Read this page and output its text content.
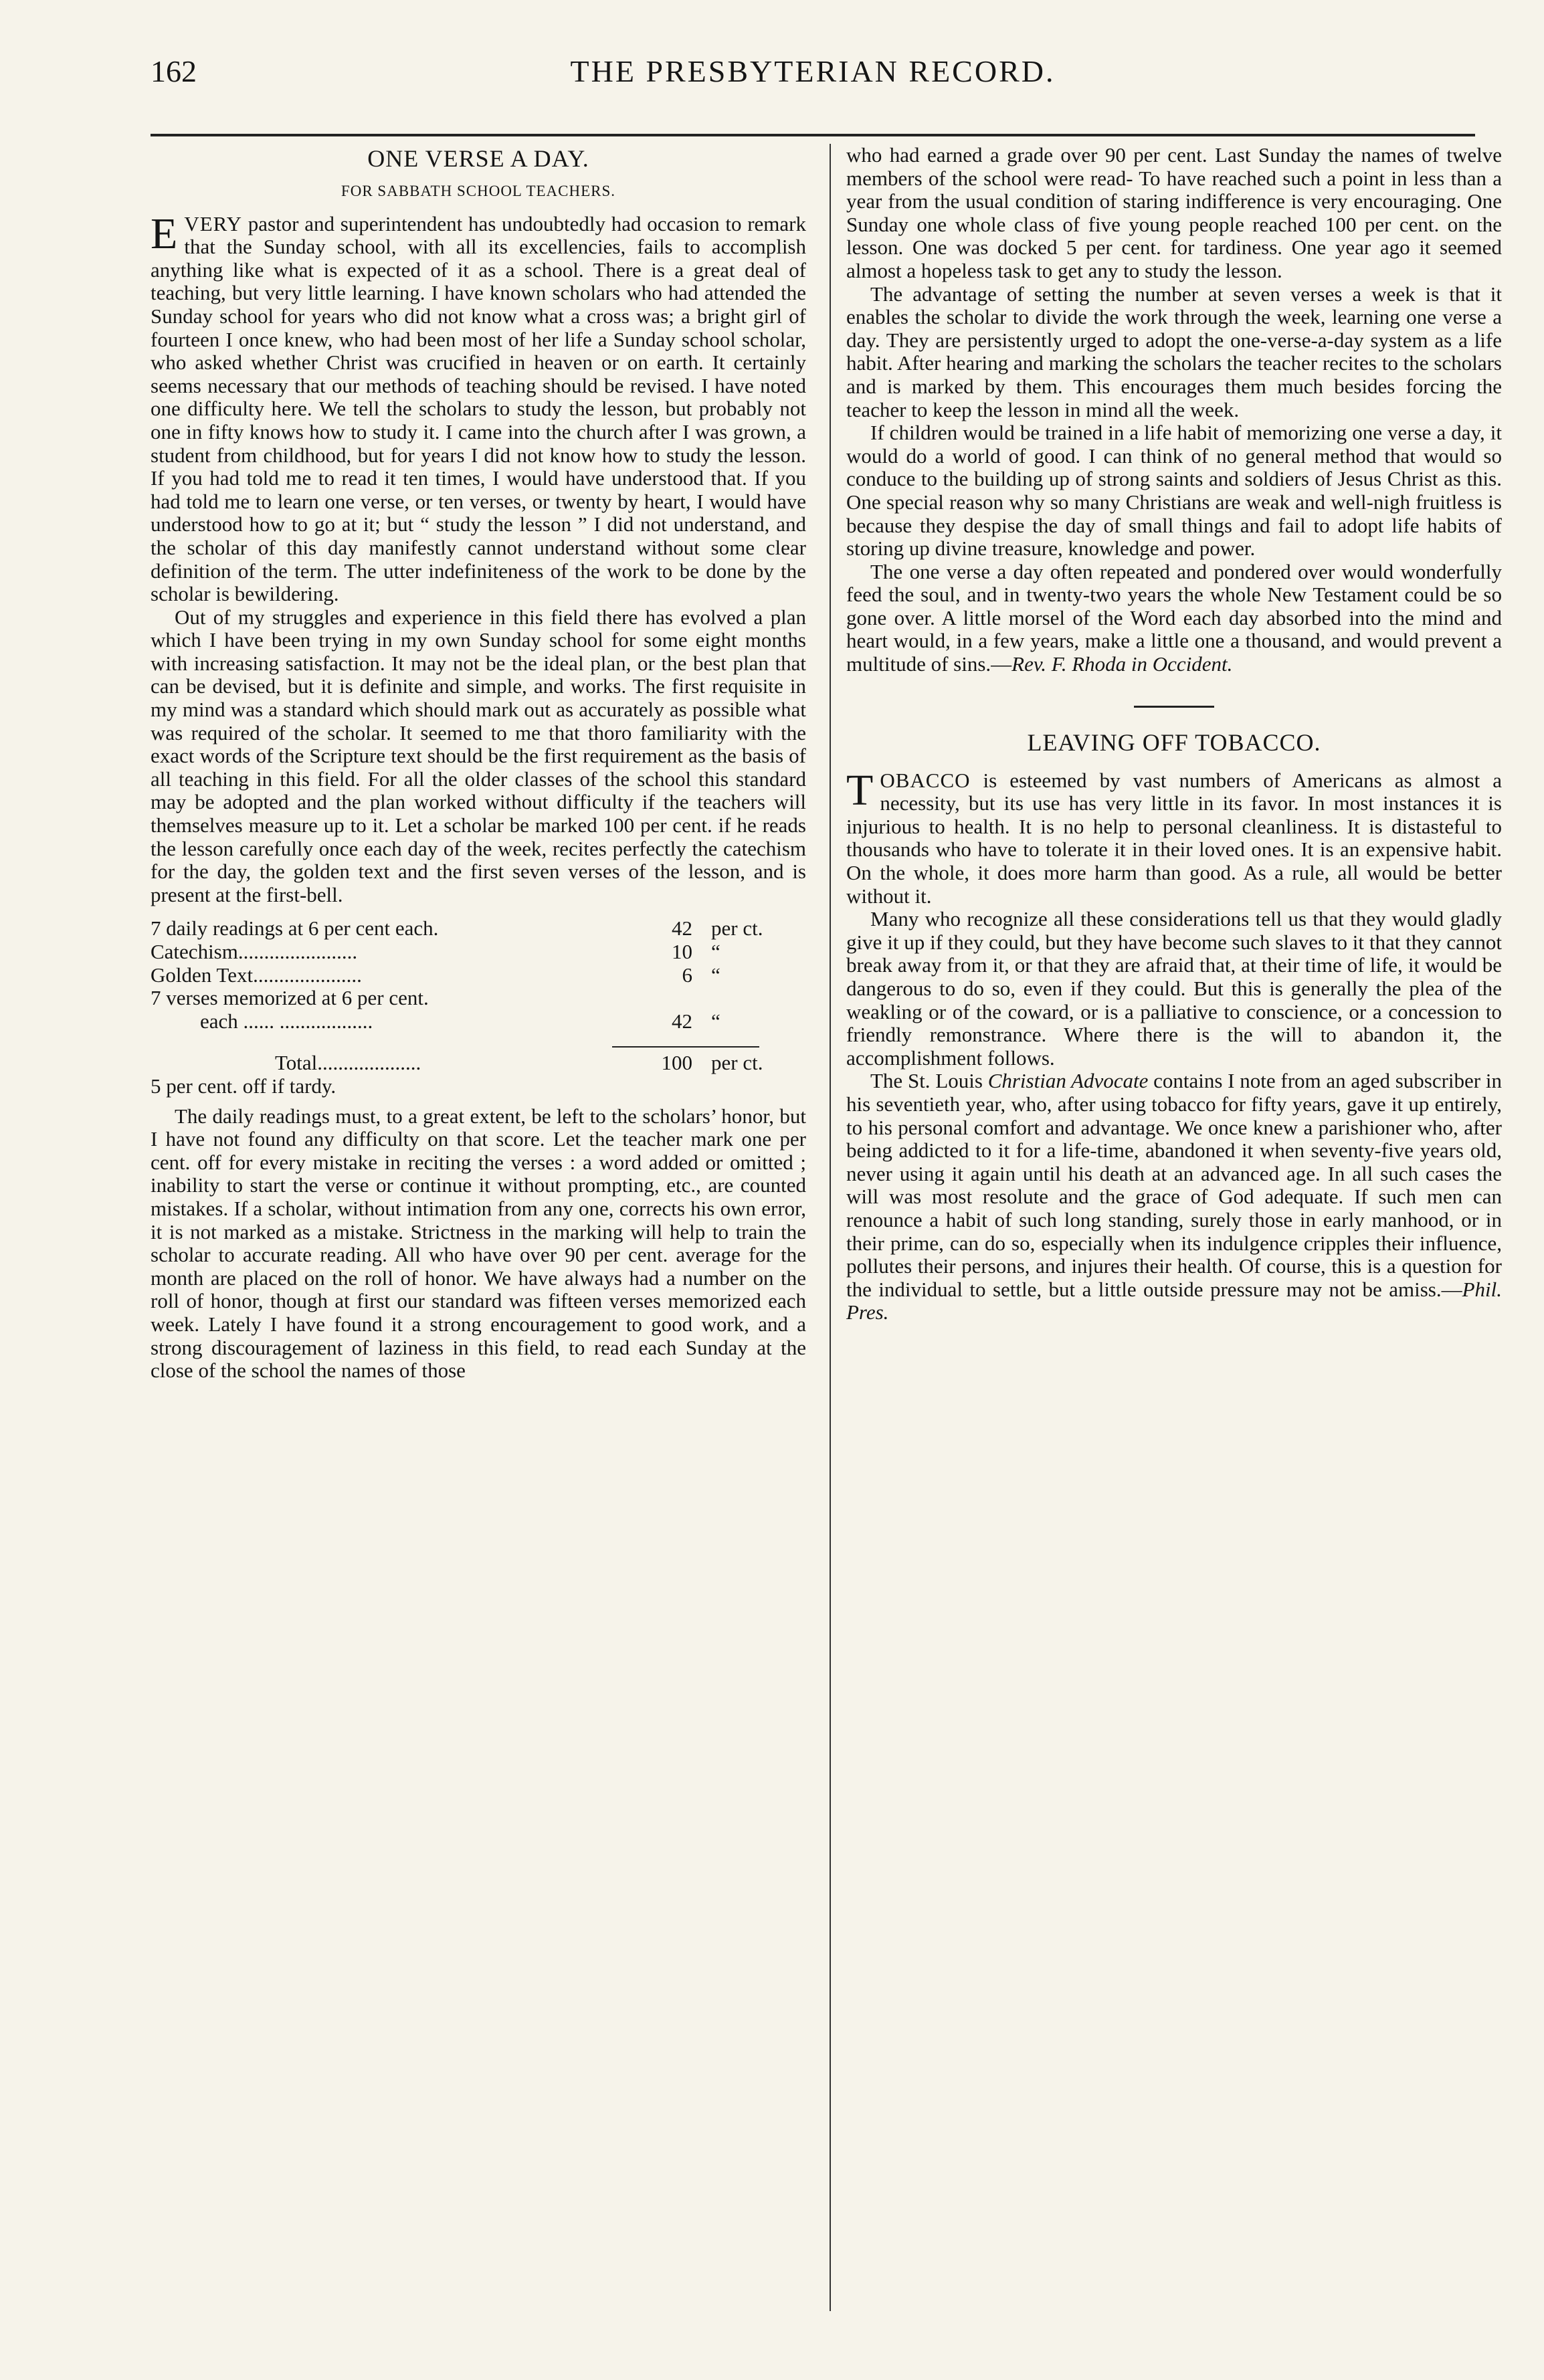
162	THE PRESBYTERIAN RECORD.
ONE VERSE A DAY.
FOR SABBATH SCHOOL TEACHERS.

E VERY pastor and superintendent has undoubtedly had occasion to remark that the Sunday school, with all its excellencies, fails to accomplish anything like what is expected of it as a school. There is a great deal of teaching, but very little learning. I have known scholars who had attended the Sunday school for years who did not know what a cross was; a bright girl of fourteen I once knew, who had been most of her life a Sunday school scholar, who asked whether Christ was crucified in heaven or on earth. It certainly seems necessary that our methods of teaching should be revised. I have noted one difficulty here. We tell the scholars to study the lesson, but probably not one in fifty knows how to study it. I came into the church after I was grown, a student from childhood, but for years I did not know how to study the lesson. If you had told me to read it ten times, I would have understood that. If you had told me to learn one verse, or ten verses, or twenty by heart, I would have understood how to go at it; but “ study the lesson ” I did not understand, and the scholar of this day manifestly cannot understand without some clear definition of the term. The utter indefiniteness of the work to be done by the scholar is bewildering.

Out of my struggles and experience in this field there has evolved a plan which I have been trying in my own Sunday school for some eight months with increasing satisfaction. It may not be the ideal plan, or the best plan that can be devised, but it is definite and simple, and works. The first requisite in my mind was a standard which should mark out as accurately as possible what was required of the scholar. It seemed to me that thoro familiarity with the exact words of the Scripture text should be the first requirement as the basis of all teaching in this field. For all the older classes of the school this standard may be adopted and the plan worked without difficulty if the teachers will themselves measure up to it. Let a scholar be marked 100 per cent. if he reads the lesson carefully once each day of the week, recites perfectly the catechism for the day, the golden text and the first seven verses of the lesson, and is present at the first-bell.

7 daily readings at 6 per cent each.	42 per ct.
Catechism.......................	10 “
Golden Text.....................	6 “
7 verses memorized at 6 per cent.
each ...... ..................	42 “
Total....................	100 per ct.
5 per cent. off if tardy.

The daily readings must, to a great extent, be left to the scholars’ honor, but I have not found any difficulty on that score. Let the teacher mark one per cent. off for every mistake in reciting the verses : a word added or omitted ; inability to start the verse or continue it without prompting, etc., are counted mistakes. If a scholar, without intimation from any one, corrects his own error, it is not marked as a mistake. Strictness in the marking will help to train the scholar to accurate reading. All who have over 90 per cent. average for the month are placed on the roll of honor. We have always had a number on the roll of honor, though at first our standard was fifteen verses memorized each week. Lately I have found it a strong encouragement to good work, and a strong discouragement of laziness in this field, to read each Sunday at the close of the school the names of those

who had earned a grade over 90 per cent. Last Sunday the names of twelve members of the school were read- To have reached such a point in less than a year from the usual condition of staring indifference is very encouraging. One Sunday one whole class of five young people reached 100 per cent. on the lesson. One was docked 5 per cent. for tardiness. One year ago it seemed almost a hopeless task to get any to study the lesson.

The advantage of setting the number at seven verses a week is that it enables the scholar to divide the work through the week, learning one verse a day. They are persistently urged to adopt the one-verse-a-day system as a life habit. After hearing and marking the scholars the teacher recites to the scholars and is marked by them. This encourages them much besides forcing the teacher to keep the lesson in mind all the week.

If children would be trained in a life habit of memorizing one verse a day, it would do a world of good. I can think of no general method that would so conduce to the building up of strong saints and soldiers of Jesus Christ as this. One special reason why so many Christians are weak and well-nigh fruitless is because they despise the day of small things and fail to adopt life habits of storing up divine treasure, knowledge and power.

The one verse a day often repeated and pondered over would wonderfully feed the soul, and in twenty-two years the whole New Testament could be so gone over. A little morsel of the Word each day absorbed into the mind and heart would, in a few years, make a little one a thousand, and would prevent a multitude of sins.—Rev. F. Rhoda in Occident.

LEAVING OFF TOBACCO.

T OBACCO is esteemed by vast numbers of Americans as almost a necessity, but its use has very little in its favor. In most instances it is injurious to health. It is no help to personal cleanliness. It is distasteful to thousands who have to tolerate it in their loved ones. It is an expensive habit. On the whole, it does more harm than good. As a rule, all would be better without it.

Many who recognize all these considerations tell us that they would gladly give it up if they could, but they have become such slaves to it that they cannot break away from it, or that they are afraid that, at their time of life, it would be dangerous to do so, even if they could. But this is generally the plea of the weakling or of the coward, or is a palliative to conscience, or a concession to friendly remonstrance. Where there is the will to abandon it, the accomplishment follows.

The St. Louis Christian Advocate contains I note from an aged subscriber in his seventieth year, who, after using tobacco for fifty years, gave it up entirely, to his personal comfort and advantage. We once knew a parishioner who, after being addicted to it for a life-time, abandoned it when seventy-five years old, never using it again until his death at an advanced age. In all such cases the will was most resolute and the grace of God adequate. If such men can renounce a habit of such long standing, surely those in early manhood, or in their prime, can do so, especially when its indulgence cripples their influence, pollutes their persons, and injures their health. Of course, this is a question for the individual to settle, but a little outside pressure may not be amiss.—Phil. Pres.
